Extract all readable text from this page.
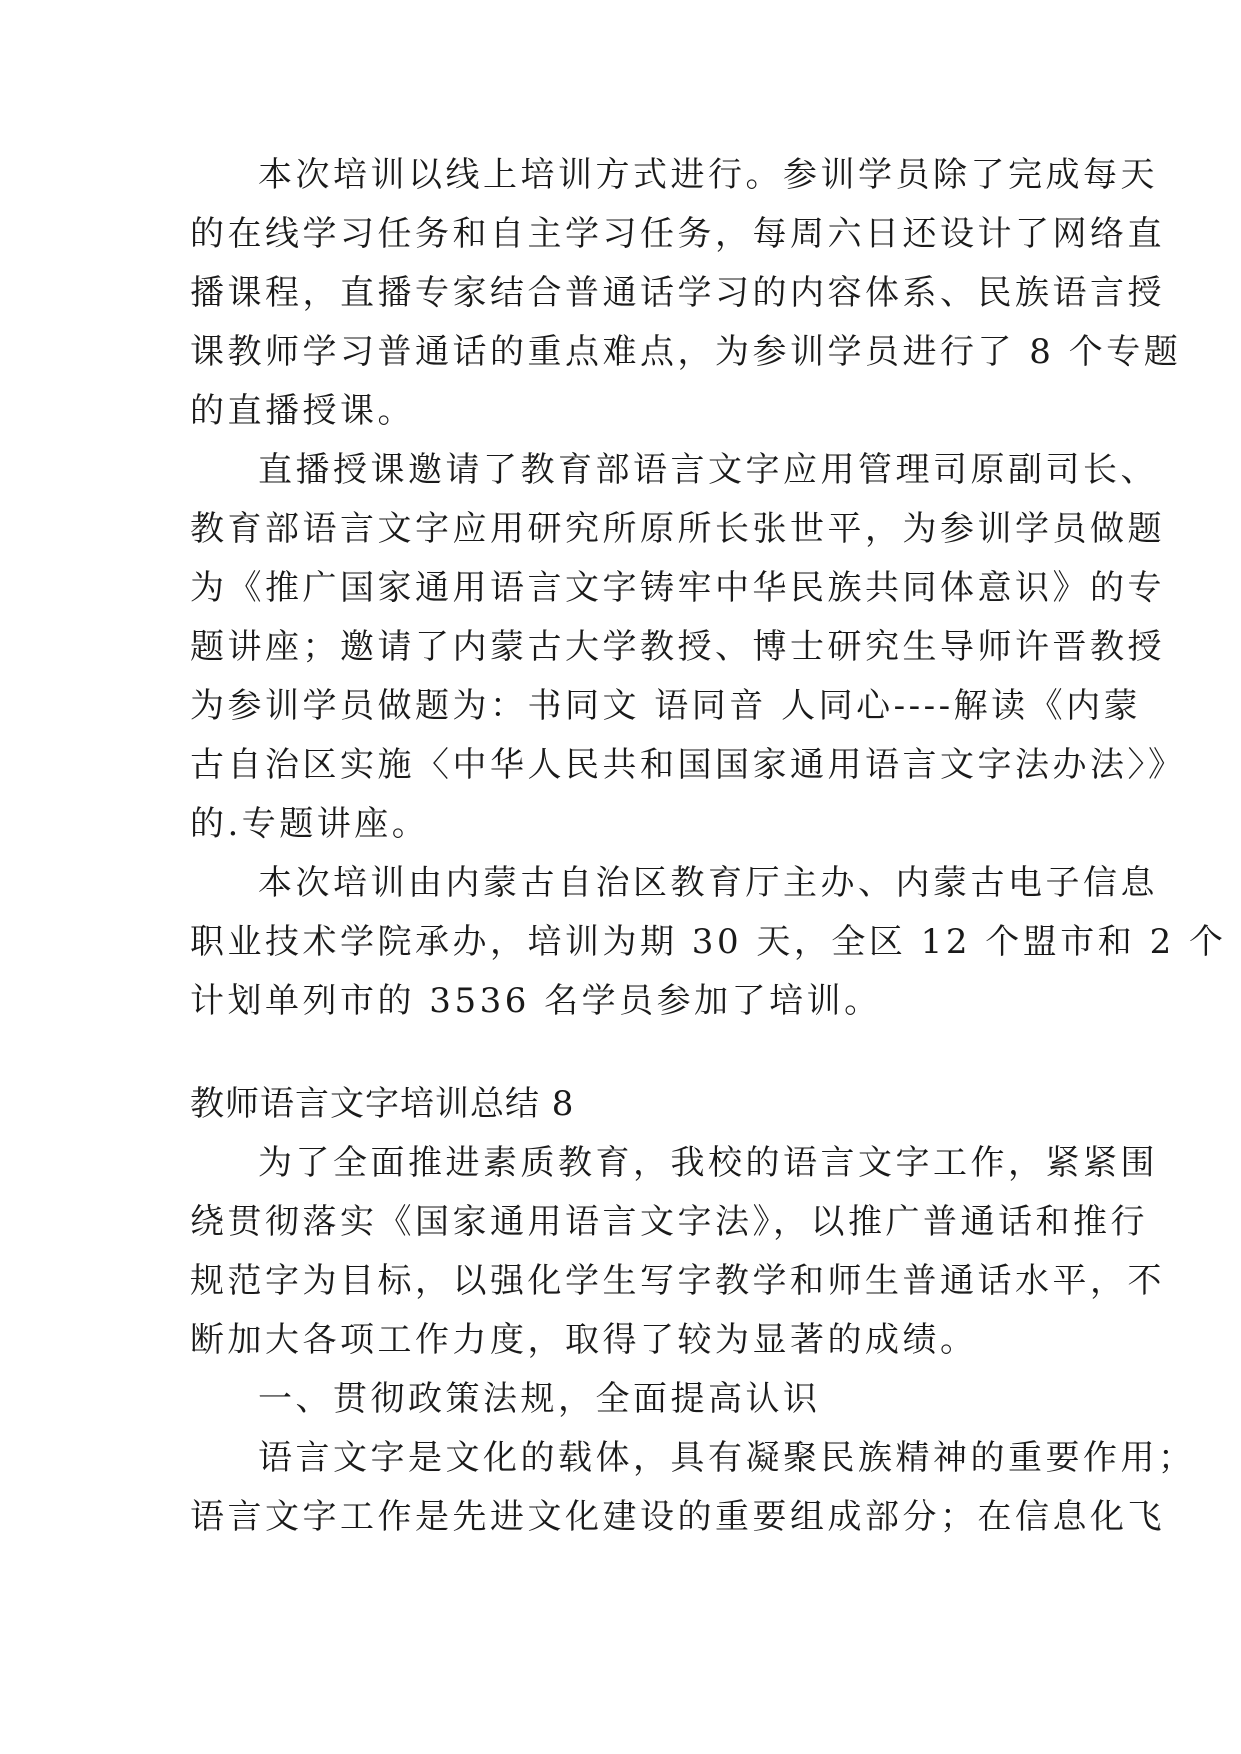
本次培训以线上培训方式进行。参训学员除了完成每天

的在线学习任务和自主学习任务，每周六日还设计了网络直

播课程，直播专家结合普通话学习的内容体系、民族语言授

课教师学习普通话的重点难点，为参训学员进行了 8 个专题

的直播授课。

直播授课邀请了教育部语言文字应用管理司原副司长、

教育部语言文字应用研究所原所长张世平，为参训学员做题

为《推广国家通用语言文字铸牢中华民族共同体意识》的专

题讲座；邀请了内蒙古大学教授、博士研究生导师许晋教授

为参训学员做题为：书同文 语同音 人同心----解读《内蒙

古自治区实施〈中华人民共和国国家通用语言文字法办法〉》

的.专题讲座。

本次培训由内蒙古自治区教育厅主办、内蒙古电子信息

职业技术学院承办，培训为期 30 天，全区 12 个盟市和 2 个

计划单列市的 3536 名学员参加了培训。

教师语言文字培训总结 8

为了全面推进素质教育，我校的语言文字工作，紧紧围

绕贯彻落实《国家通用语言文字法》，以推广普通话和推行

规范字为目标，以强化学生写字教学和师生普通话水平，不

断加大各项工作力度，取得了较为显著的成绩。

一、贯彻政策法规，全面提高认识

语言文字是文化的载体，具有凝聚民族精神的重要作用；

语言文字工作是先进文化建设的重要组成部分；在信息化飞
